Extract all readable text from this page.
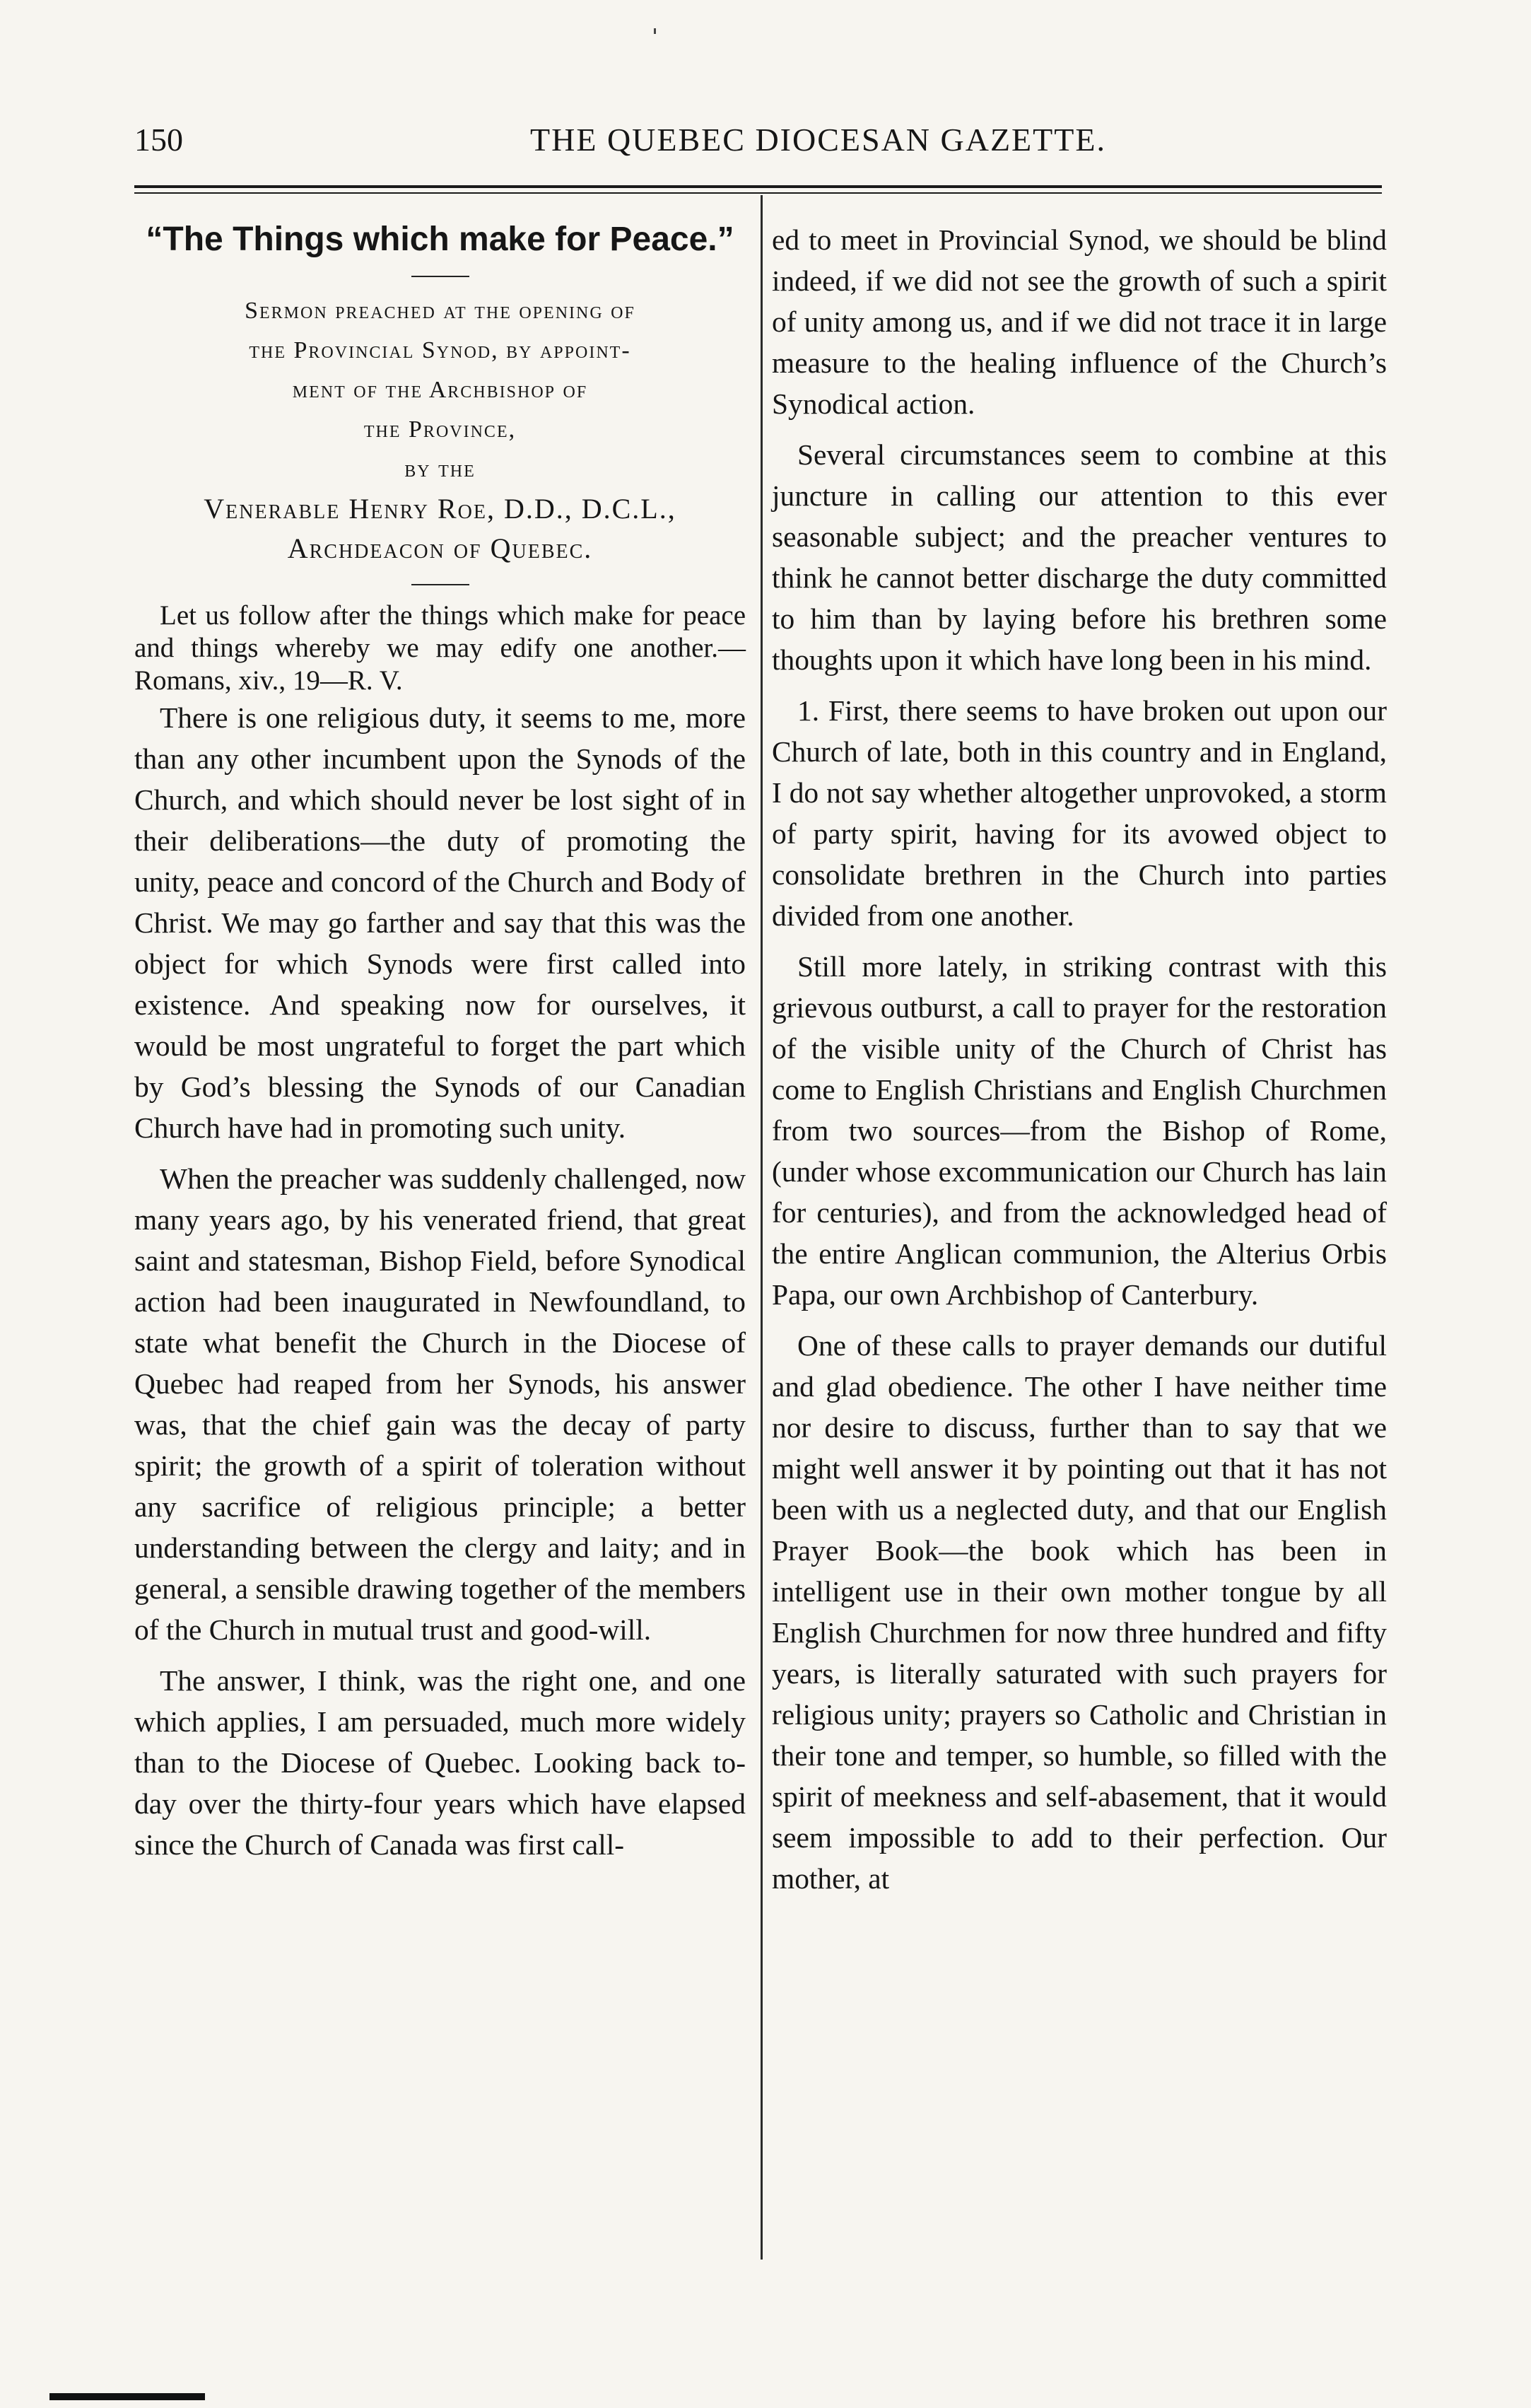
150	THE QUEBEC DIOCESAN GAZETTE.
“The Things which make for Peace.”

Sermon preached at the opening of

the Provincial Synod, by appoint-

ment of the Archbishop of

the Province,

by the

Venerable Henry Roe, D.D., D.C.L.,

Archdeacon of Quebec.

Let us follow after the things which make for peace and things whereby we may edify one another.—Romans, xiv., 19—R. V.

There is one religious duty, it seems to me, more than any other incumbent upon the Synods of the Church, and which should never be lost sight of in their deliberations—the duty of promoting the unity, peace and concord of the Church and Body of Christ. We may go farther and say that this was the object for which Synods were first called into existence. And speaking now for ourselves, it would be most ungrateful to forget the part which by God’s blessing the Synods of our Canadian Church have had in promoting such unity.

When the preacher was suddenly challenged, now many years ago, by his venerated friend, that great saint and statesman, Bishop Field, before Synodical action had been inaugurated in Newfoundland, to state what benefit the Church in the Diocese of Quebec had reaped from her Synods, his answer was, that the chief gain was the decay of party spirit; the growth of a spirit of toleration without any sacrifice of religious principle; a better understanding between the clergy and laity; and in general, a sensible drawing together of the members of the Church in mutual trust and good-will.

The answer, I think, was the right one, and one which applies, I am persuaded, much more widely than to the Diocese of Quebec. Looking back to-day over the thirty-four years which have elapsed since the Church of Canada was first call-

ed to meet in Provincial Synod, we should be blind indeed, if we did not see the growth of such a spirit of unity among us, and if we did not trace it in large measure to the healing influence of the Church’s Synodical action.

Several circumstances seem to combine at this juncture in calling our attention to this ever seasonable subject; and the preacher ventures to think he cannot better discharge the duty committed to him than by laying before his brethren some thoughts upon it which have long been in his mind.

1. First, there seems to have broken out upon our Church of late, both in this country and in England, I do not say whether altogether unprovoked, a storm of party spirit, having for its avowed object to consolidate brethren in the Church into parties divided from one another.

Still more lately, in striking contrast with this grievous outburst, a call to prayer for the restoration of the visible unity of the Church of Christ has come to English Christians and English Churchmen from two sources—from the Bishop of Rome, (under whose excommunication our Church has lain for centuries), and from the acknowledged head of the entire Anglican communion, the Alterius Orbis Papa, our own Archbishop of Canterbury.

One of these calls to prayer demands our dutiful and glad obedience. The other I have neither time nor desire to discuss, further than to say that we might well answer it by pointing out that it has not been with us a neglected duty, and that our English Prayer Book—the book which has been in intelligent use in their own mother tongue by all English Churchmen for now three hundred and fifty years, is literally saturated with such prayers for religious unity; prayers so Catholic and Christian in their tone and temper, so humble, so filled with the spirit of meekness and self-abasement, that it would seem impossible to add to their perfection. Our mother, at
